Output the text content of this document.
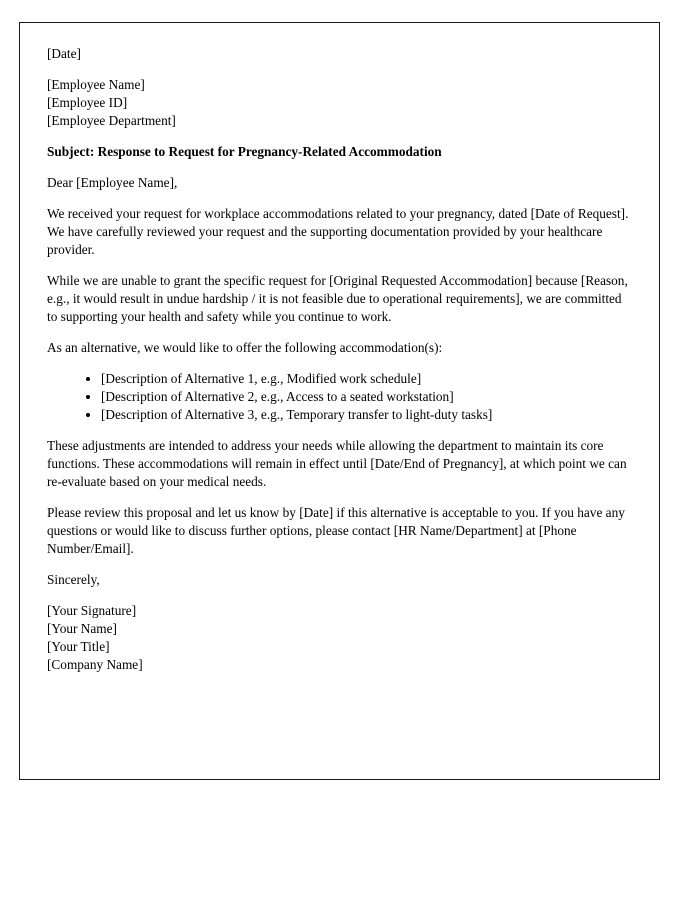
[Date]

[Employee Name]

[Employee ID]

[Employee Department]

Subject: Response to Request for Pregnancy-Related Accommodation

Dear [Employee Name],

We received your request for workplace accommodations related to your pregnancy, dated [Date of Request]. We have carefully reviewed your request and the supporting documentation provided by your healthcare provider.

While we are unable to grant the specific request for [Original Requested Accommodation] because [Reason, e.g., it would result in undue hardship / it is not feasible due to operational requirements], we are committed to supporting your health and safety while you continue to work.

As an alternative, we would like to offer the following accommodation(s):

• [Description of Alternative 1, e.g., Modified work schedule]
• [Description of Alternative 2, e.g., Access to a seated workstation]
• [Description of Alternative 3, e.g., Temporary transfer to light-duty tasks]

These adjustments are intended to address your needs while allowing the department to maintain its core functions. These accommodations will remain in effect until [Date/End of Pregnancy], at which point we can re-evaluate based on your medical needs.

Please review this proposal and let us know by [Date] if this alternative is acceptable to you. If you have any questions or would like to discuss further options, please contact [HR Name/Department] at [Phone Number/Email].

Sincerely,

[Your Signature]

[Your Name]

[Your Title]

[Company Name]
